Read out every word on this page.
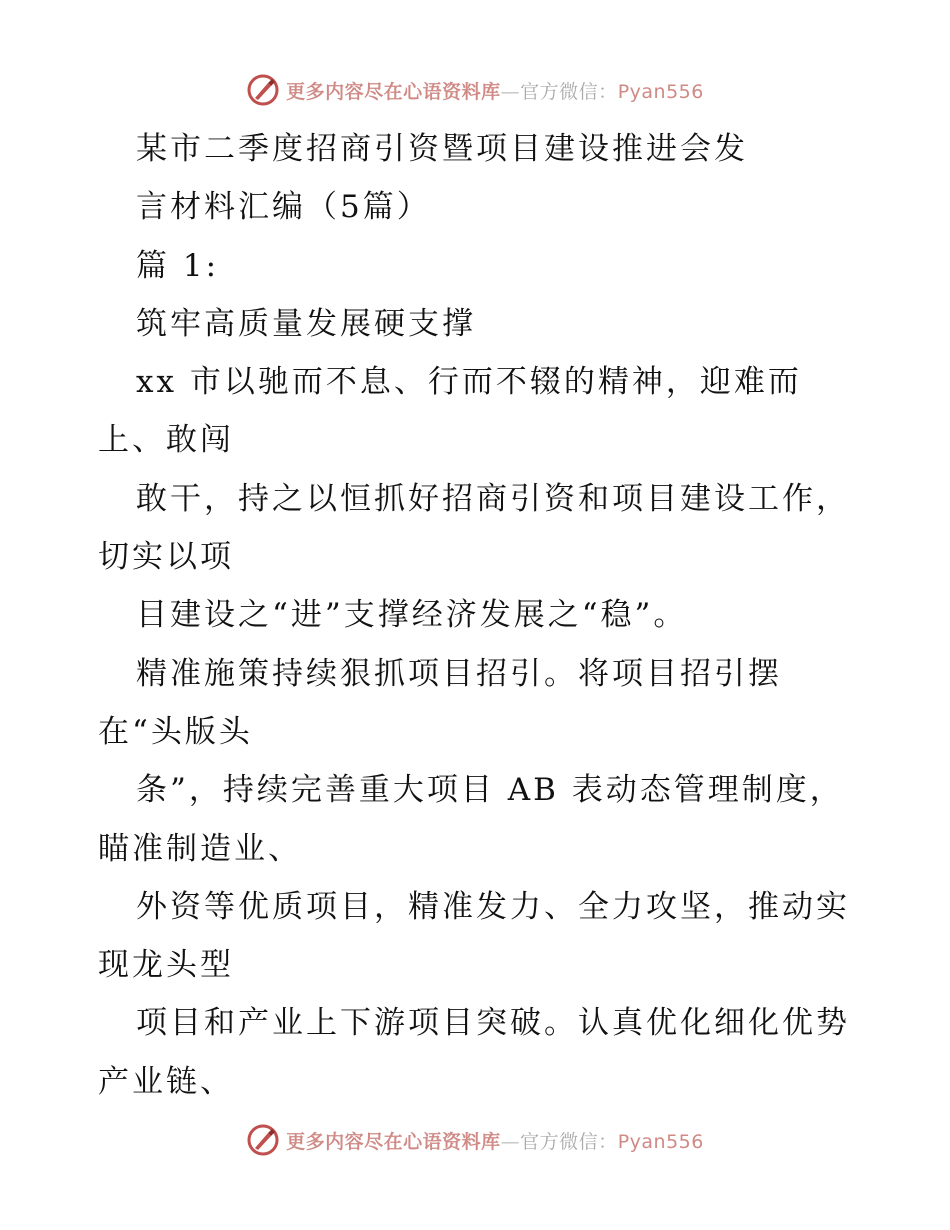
更多内容尽在心语资料库—官方微信：Pyan556
某市二季度招商引资暨项目建设推进会发
言材料汇编（5篇）
篇 1:
筑牢高质量发展硬支撑
xx 市以驰而不息、行而不辍的精神，迎难而
上、敢闯
敢干，持之以恒抓好招商引资和项目建设工作，
切实以项
目建设之“进”支撑经济发展之“稳”。
精准施策持续狠抓项目招引。将项目招引摆
在“头版头
条”，持续完善重大项目 AB 表动态管理制度，
瞄准制造业、
外资等优质项目，精准发力、全力攻坚，推动实
现龙头型
项目和产业上下游项目突破。认真优化细化优势
产业链、
更多内容尽在心语资料库—官方微信：Pyan556
